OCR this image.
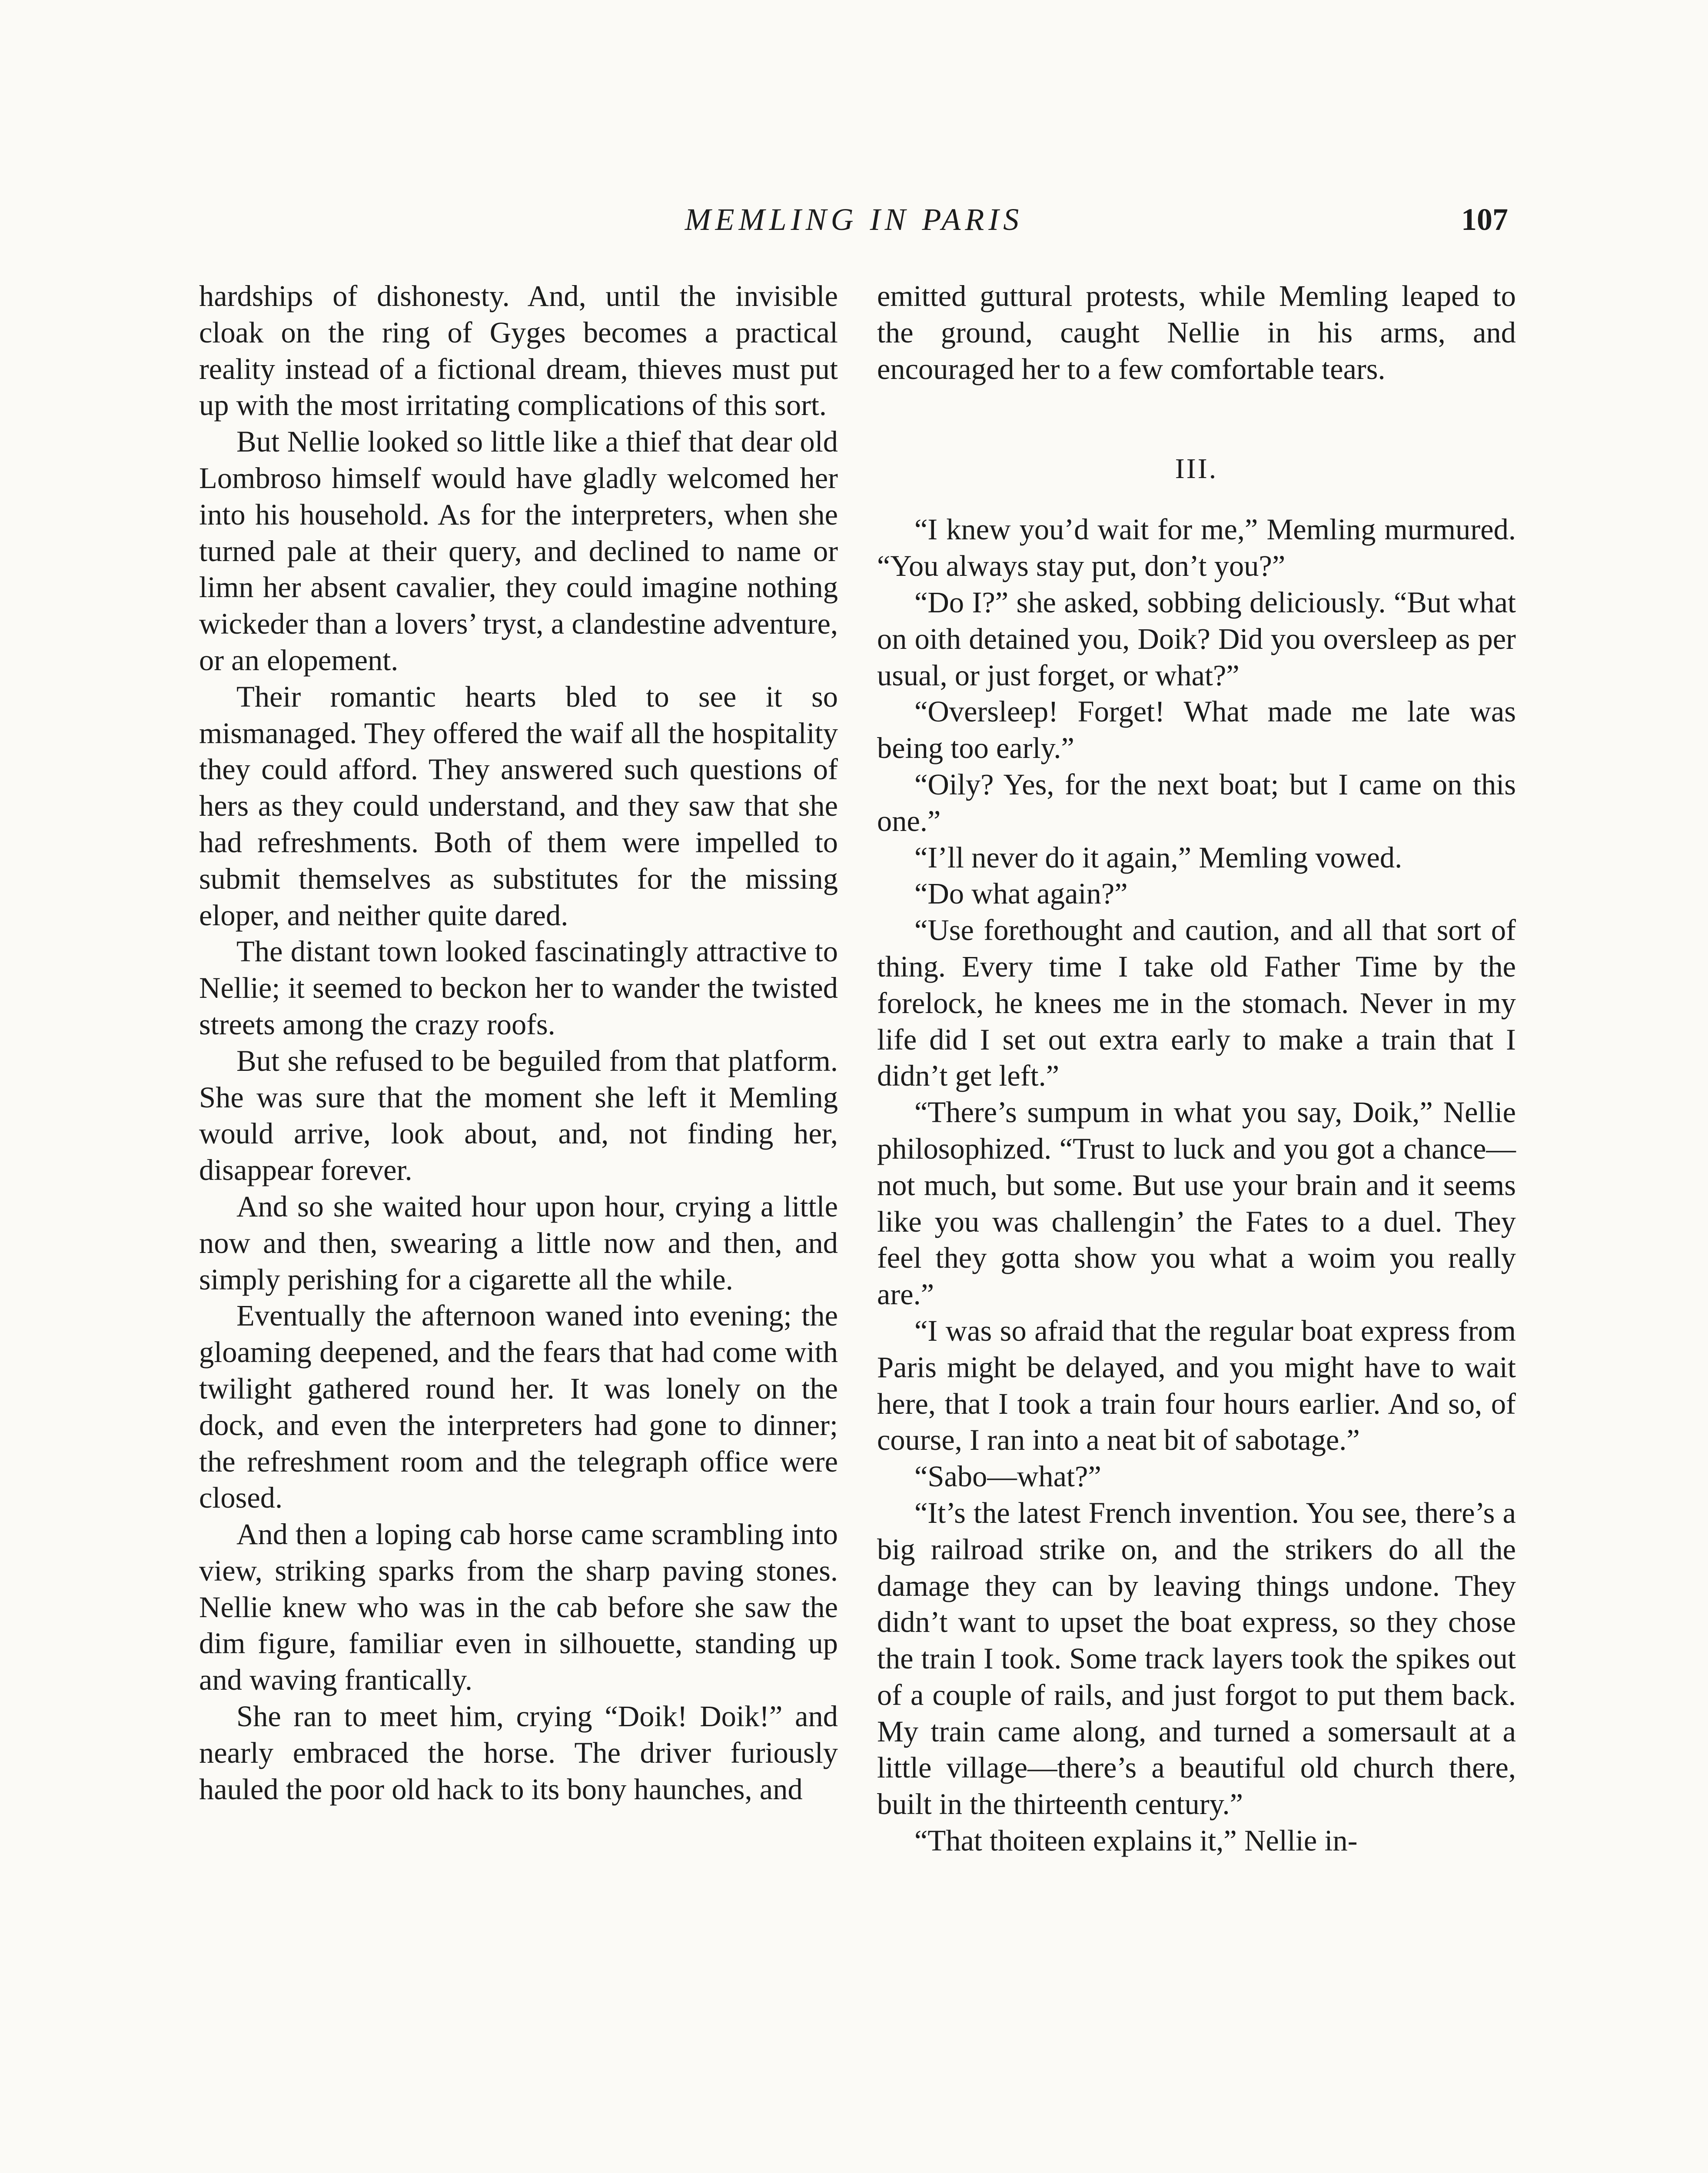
MEMLING IN PARIS	107

hardships of dishonesty. And, until the invisible cloak on the ring of Gyges becomes a practical reality instead of a fictional dream, thieves must put up with the most irritating complications of this sort.

But Nellie looked so little like a thief that dear old Lombroso himself would have gladly welcomed her into his household. As for the interpreters, when she turned pale at their query, and declined to name or limn her absent cavalier, they could imagine nothing wickeder than a lovers’ tryst, a clandestine adventure, or an elopement.

Their romantic hearts bled to see it so mismanaged. They offered the waif all the hospitality they could afford. They answered such questions of hers as they could understand, and they saw that she had refreshments. Both of them were impelled to submit themselves as substitutes for the missing eloper, and neither quite dared.

The distant town looked fascinatingly attractive to Nellie; it seemed to beckon her to wander the twisted streets among the crazy roofs.

But she refused to be beguiled from that platform. She was sure that the moment she left it Memling would arrive, look about, and, not finding her, disappear forever.

And so she waited hour upon hour, crying a little now and then, swearing a little now and then, and simply perishing for a cigarette all the while.

Eventually the afternoon waned into evening; the gloaming deepened, and the fears that had come with twilight gathered round her. It was lonely on the dock, and even the interpreters had gone to dinner; the refreshment room and the telegraph office were closed.

And then a loping cab horse came scrambling into view, striking sparks from the sharp paving stones. Nellie knew who was in the cab before she saw the dim figure, familiar even in silhouette, standing up and waving frantically.

She ran to meet him, crying “Doik! Doik!” and nearly embraced the horse. The driver furiously hauled the poor old hack to its bony haunches, and

emitted guttural protests, while Memling leaped to the ground, caught Nellie in his arms, and encouraged her to a few comfortable tears.

III.

“I knew you’d wait for me,” Memling murmured. “You always stay put, don’t you?”

“Do I?” she asked, sobbing deliciously. “But what on oith detained you, Doik? Did you oversleep as per usual, or just forget, or what?”

“Oversleep! Forget! What made me late was being too early.”

“Oily? Yes, for the next boat; but I came on this one.”

“I’ll never do it again,” Memling vowed.

“Do what again?”

“Use forethought and caution, and all that sort of thing. Every time I take old Father Time by the forelock, he knees me in the stomach. Never in my life did I set out extra early to make a train that I didn’t get left.”

“There’s sumpum in what you say, Doik,” Nellie philosophized. “Trust to luck and you got a chance—not much, but some. But use your brain and it seems like you was challengin’ the Fates to a duel. They feel they gotta show you what a woim you really are.”

“I was so afraid that the regular boat express from Paris might be delayed, and you might have to wait here, that I took a train four hours earlier. And so, of course, I ran into a neat bit of sabotage.”

“Sabo—what?”

“It’s the latest French invention. You see, there’s a big railroad strike on, and the strikers do all the damage they can by leaving things undone. They didn’t want to upset the boat express, so they chose the train I took. Some track layers took the spikes out of a couple of rails, and just forgot to put them back. My train came along, and turned a somersault at a little village—there’s a beautiful old church there, built in the thirteenth century.”

“That thoiteen explains it,” Nellie in-
